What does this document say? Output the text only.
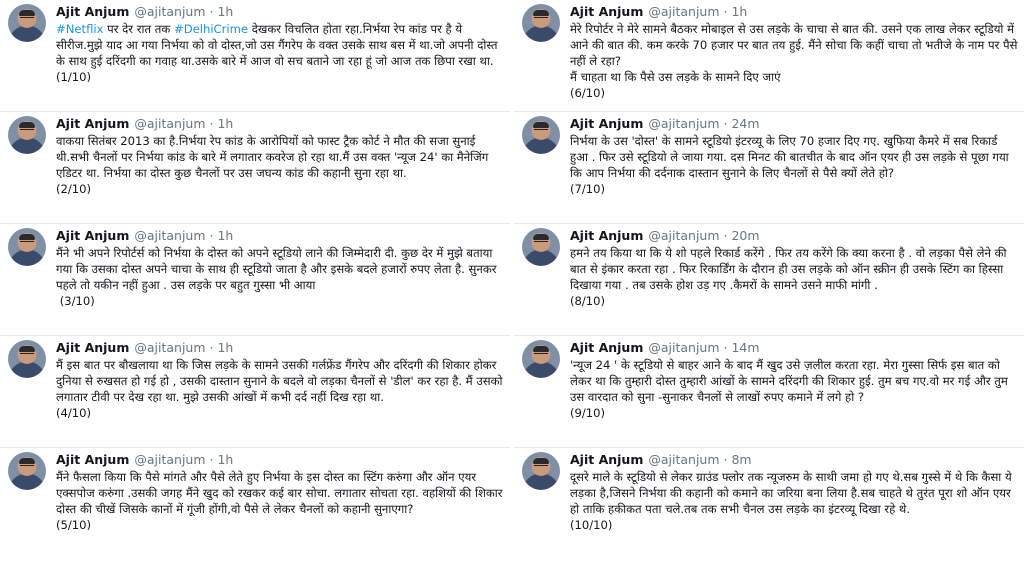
Ajit Anjum @ajitanjum · 1h
#Netflix पर देर रात तक #DelhiCrime देखकर विचलित होता रहा.निर्भया रेप कांड पर है ये सीरीज.मुझे याद आ गया निर्भया को वो दोस्त,जो उस गैंगरेप के वक्त उसके साथ बस में था.जो अपनी दोस्त के साथ हुई दरिंदगी का गवाह था.उसके बारे में आज वो सच बताने जा रहा हूं जो आज तक छिपा रखा था.
(1/10)
Ajit Anjum @ajitanjum · 1h
वाकया सितंबर 2013 का है.निर्भया रेप कांड के आरोपियों को फास्ट ट्रैक कोर्ट ने मौत की सजा सुनाई थी.सभी चैनलों पर निर्भया कांड के बारे में लगातार कवरेज हो रहा था.मैं उस वक्त 'न्यूज 24' का मैनेजिंग एडिटर था. निर्भया का दोस्त कुछ चैनलों पर उस जघन्य कांड की कहानी सुना रहा था.
(2/10)
Ajit Anjum @ajitanjum · 1h
मैंने भी अपने रिपोर्टर्स को निर्भया के दोस्त को अपने स्टूडियो लाने की जिम्मेदारी दी. कुछ देर में मुझे बताया गया कि उसका दोस्त अपने चाचा के साथ ही स्टूडियो जाता है और इसके बदले हजारों रुपए लेता है. सुनकर पहले तो यकीन नहीं हुआ . उस लड़के पर बहुत गुस्सा भी आया
(3/10)
Ajit Anjum @ajitanjum · 1h
मैं इस बात पर बौखलाया था कि जिस लड़के के सामने उसकी गर्लफ्रेंड गैंगरेप और दरिंदगी की शिकार होकर दुनिया से रुखसत हो गई हो , उसकी दास्तान सुनाने के बदले वो लड़का चैनलों से 'डील' कर रहा है. मैं उसको लगातार टीवी पर देख रहा था. मुझे उसकी आंखों में कभी दर्द नहीं दिख रहा था.
(4/10)
Ajit Anjum @ajitanjum · 1h
मैंने फैसला किया कि पैसे मांगते और पैसे लेते हुए निर्भया के इस दोस्त का स्टिंग करुंगा और ऑन एयर एक्सपोज करुंगा .उसकी जगह मैंने खुद को रखकर कई बार सोचा. लगातार सोचता रहा. वहशियों की शिकार दोस्त की चीखें जिसके कानों में गूंजी होंगी,वो पैसे ले लेकर चैनलों को कहानी सुनाएगा?
(5/10)
Ajit Anjum @ajitanjum · 1h
मेरे रिपोर्टर ने मेरे सामने बैठकर मोबाइल से उस लड़के के चाचा से बात की. उसने एक लाख लेकर स्टूडियो में आने की बात की. कम करके 70 हजार पर बात तय हुई. मैंने सोचा कि कहीं चाचा तो भतीजे के नाम पर पैसे नहीं ले रहा?
मैं चाहता था कि पैसे उस लड़के के सामने दिए जाएं
(6/10)
Ajit Anjum @ajitanjum · 24m
निर्भया के उस 'दोस्त' के सामने स्टूडियो इंटरव्यू के लिए 70 हजार दिए गए. खुफिया कैमरे में सब रिकार्ड हुआ . फिर उसे स्टूडियो ले जाया गया. दस मिनट की बातचीत के बाद ऑन एयर ही उस लड़के से पूछा गया कि आप निर्भया की दर्दनाक दास्तान सुनाने के लिए चैनलों से पैसे क्यों लेते हो?
(7/10)
Ajit Anjum @ajitanjum · 20m
हमने तय किया था कि ये शो पहले रिकार्ड करेंगे . फिर तय करेंगे कि क्या करना है . वो लड़का पैसे लेने की बात से इंकार करता रहा . फिर रिकार्डिंग के दौरान ही उस लड़के को ऑन स्क्रीन ही उसके स्टिंग का हिस्सा दिखाया गया . तब उसके होश उड़ गए .कैमरों के सामने उसने माफी मांगी .
(8/10)
Ajit Anjum @ajitanjum · 14m
'न्यूज 24 ' के स्टूडियो से बाहर आने के बाद मैं खुद उसे ज़लील करता रहा. मेरा गुस्सा सिर्फ इस बात को लेकर था कि तुम्हारी दोस्त तुम्हारी आंखों के सामने दरिंदगी की शिकार हुई. तुम बच गए.वो मर गई और तुम उस वारदात को सुना -सुनाकर चैनलों से लाखों रुपए कमाने में लगे हो ?
(9/10)
Ajit Anjum @ajitanjum · 8m
दूसरे माले के स्टूडियो से लेकर ग्राउंड फ्लोर तक न्यूजरुम के साथी जमा हो गए थे.सब गुस्से में थे कि कैसा ये लड़का है,जिसने निर्भया की कहानी को कमाने का जरिया बना लिया है.सब चाहते थे तुरंत पूरा शो ऑन एयर हो ताकि हकीकत पता चले.तब तक सभी चैनल उस लड़के का इंटरव्यू दिखा रहे थे.
(10/10)
